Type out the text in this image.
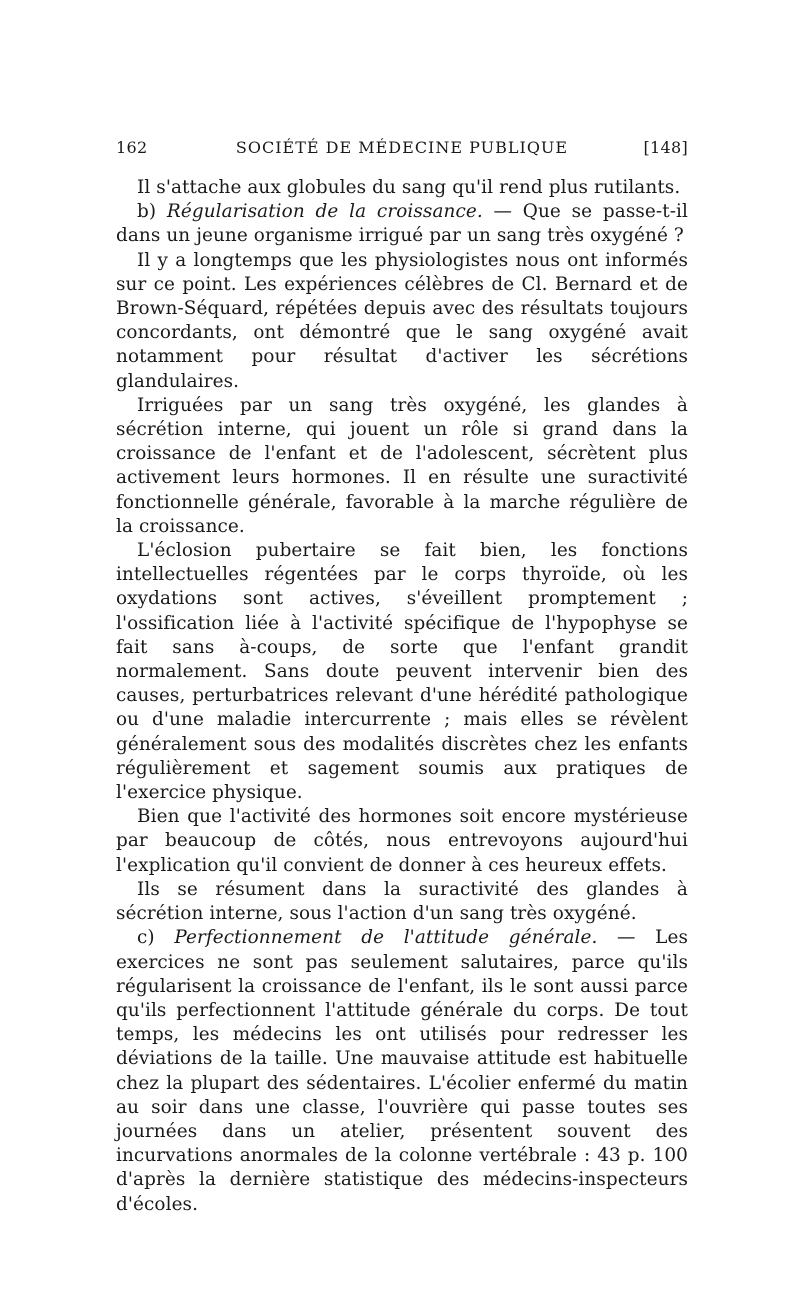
162	SOCIÉTÉ DE MÉDECINE PUBLIQUE	[148]

Il s'attache aux globules du sang qu'il rend plus rutilants.

b) Régularisation de la croissance. — Que se passe-t-il dans un jeune organisme irrigué par un sang très oxygéné ?

Il y a longtemps que les physiologistes nous ont informés sur ce point. Les expériences célèbres de Cl. Bernard et de Brown-Séquard, répétées depuis avec des résultats toujours concordants, ont démontré que le sang oxygéné avait notamment pour résultat d'activer les sécrétions glandulaires.

Irriguées par un sang très oxygéné, les glandes à sécrétion interne, qui jouent un rôle si grand dans la croissance de l'enfant et de l'adolescent, sécrètent plus activement leurs hormones. Il en résulte une suractivité fonctionnelle générale, favorable à la marche régulière de la croissance.

L'éclosion pubertaire se fait bien, les fonctions intellectuelles régentées par le corps thyroïde, où les oxydations sont actives, s'éveillent promptement ; l'ossification liée à l'activité spécifique de l'hypophyse se fait sans à-coups, de sorte que l'enfant grandit normalement. Sans doute peuvent intervenir bien des causes, perturbatrices relevant d'une hérédité pathologique ou d'une maladie intercurrente ; mais elles se révèlent généralement sous des modalités discrètes chez les enfants régulièrement et sagement soumis aux pratiques de l'exercice physique.

Bien que l'activité des hormones soit encore mystérieuse par beaucoup de côtés, nous entrevoyons aujourd'hui l'explication qu'il convient de donner à ces heureux effets.

Ils se résument dans la suractivité des glandes à sécrétion interne, sous l'action d'un sang très oxygéné.

c) Perfectionnement de l'attitude générale. — Les exercices ne sont pas seulement salutaires, parce qu'ils régularisent la croissance de l'enfant, ils le sont aussi parce qu'ils perfectionnent l'attitude générale du corps. De tout temps, les médecins les ont utilisés pour redresser les déviations de la taille. Une mauvaise attitude est habituelle chez la plupart des sédentaires. L'écolier enfermé du matin au soir dans une classe, l'ouvrière qui passe toutes ses journées dans un atelier, présentent souvent des incurvations anormales de la colonne vertébrale : 43 p. 100 d'après la dernière statistique des médecins-inspecteurs d'écoles.
